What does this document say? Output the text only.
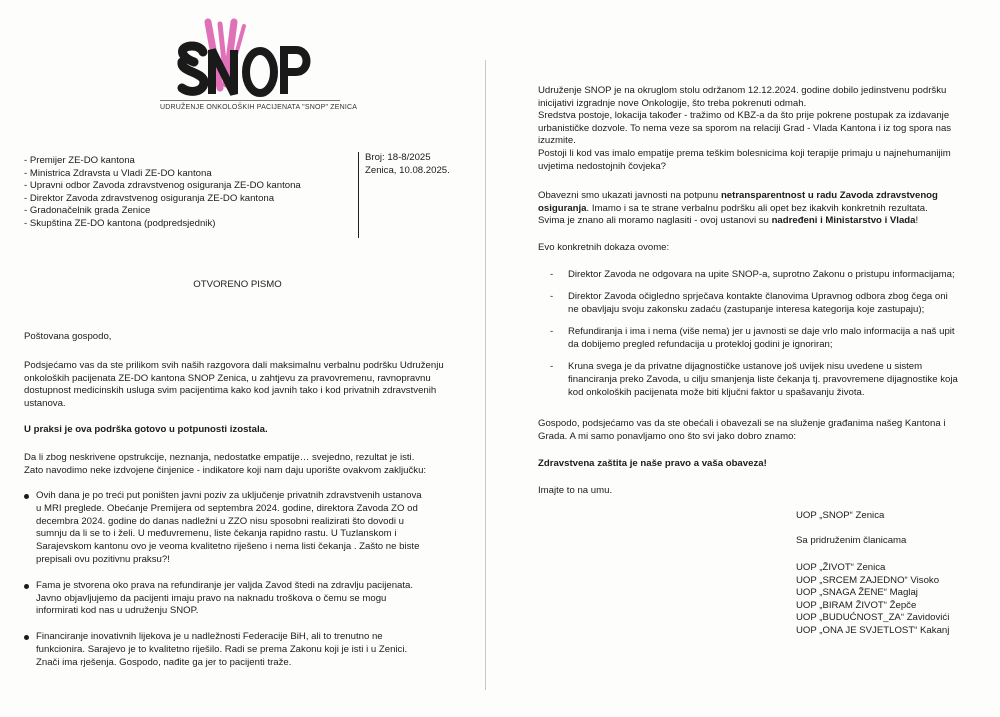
UDRUŽENJE ONKOLOŠKIH PACIJENATA "SNOP" ZENICA
- Premijer ZE-DO kantona
- Ministrica Zdravsta u Vladi ZE-DO kantona
- Upravni odbor Zavoda zdravstvenog osiguranja ZE-DO kantona
- Direktor Zavoda zdravstvenog osiguranja ZE-DO kantona
- Gradonačelnik grada Zenice
- Skupština ZE-DO kantona (podpredsjednik)
Broj: 18-8/2025
Zenica, 10.08.2025.
OTVORENO PISMO
Poštovana gospodo,
Podsjećamo vas da ste prilikom svih naših razgovora dali maksimalnu verbalnu podršku Udruženju
onkoloških pacijenata ZE-DO kantona SNOP Zenica, u zahtjevu za pravovremenu, ravnopravnu
dostupnost medicinskih usluga svim pacijentima kako kod javnih tako i kod privatnih zdravstvenih
ustanova.
U praksi je ova podrška gotovo u potpunosti izostala.
Da li zbog neskrivene opstrukcije, neznanja, nedostatke empatije… svejedno, rezultat je isti.
Zato navodimo neke izdvojene činjenice - indikatore koji nam daju uporište ovakvom zaključku:
Ovih dana je po treći put poništen javni poziv za uključenje privatnih zdravstvenih ustanova
u MRI preglede. Obećanje Premijera od septembra 2024. godine, direktora Zavoda ZO od
decembra 2024. godine do danas nadležni u ZZO nisu sposobni realizirati što dovodi u
sumnju da li se to i želi. U međuvremenu, liste čekanja rapidno rastu. U Tuzlanskom i
Sarajevskom kantonu ovo je veoma kvalitetno riješeno i nema listi čekanja . Zašto ne biste
prepisali ovu pozitivnu praksu?!
Fama je stvorena oko prava na refundiranje jer valjda Zavod štedi na zdravlju pacijenata.
Javno objavljujemo da pacijenti imaju pravo na naknadu troškova o čemu se mogu
informirati kod nas u udruženju SNOP.
Financiranje inovativnih lijekova je u nadležnosti Federacije BiH, ali to trenutno ne
funkcionira. Sarajevo je to kvalitetno riješilo. Radi se prema Zakonu koji je isti i u Zenici.
Znači ima rješenja. Gospodo, nađite ga jer to pacijenti traže.
Udruženje SNOP je na okruglom stolu održanom 12.12.2024. godine dobilo jedinstvenu podršku
inicijativi izgradnje nove Onkologije, što treba pokrenuti odmah.
Sredstva postoje, lokacija također - tražimo od KBZ-a da što prije pokrene postupak za izdavanje
urbanističke dozvole. To nema veze sa sporom na relaciji Grad - Vlada Kantona i iz tog spora nas
izuzmite.
Postoji li kod vas imalo empatije prema teškim bolesnicima koji terapije primaju u najnehumanijim
uvjetima nedostojnih čovjeka?
Obavezni smo ukazati javnosti na potpunu netransparentnost u radu Zavoda zdravstvenog
osiguranja. Imamo i sa te strane verbalnu podršku ali opet bez ikakvih konkretnih rezultata.
Svima je znano ali moramo naglasiti - ovoj ustanovi su nadređeni i Ministarstvo i Vlada!
Evo konkretnih dokaza ovome:
- Direktor Zavoda ne odgovara na upite SNOP-a, suprotno Zakonu o pristupu informacijama;
- Direktor Zavoda očigledno sprječava kontakte članovima Upravnog odbora zbog čega oni
ne obavljaju svoju zakonsku zadaću (zastupanje interesa kategorija koje zastupaju);
- Refundiranja i ima i nema (više nema) jer u javnosti se daje vrlo malo informacija a naš upit
da dobijemo pregled refundacija u proteklој godini je ignoriran;
- Kruna svega je da privatne dijagnostičke ustanove još uvijek nisu uvedene u sistem
financiranja preko Zavoda, u cilju smanjenja liste čekanja tj. pravovremene dijagnostike koja
kod onkoloških pacijenata može biti ključni faktor u spašavanju života.
Gospodo, podsjećamo vas da ste obećali i obavezali se na služenje građanima našeg Kantona i
Grada. A mi samo ponavljamo ono što svi jako dobro znamo:
Zdravstvena zaštita je naše pravo a vaša obaveza!
Imajte to na umu.
UOP „SNOP“ Zenica
Sa pridruženim članicama
UOP „ŽIVOT“ Zenica
UOP „SRCEM ZAJEDNO“ Visoko
UOP „SNAGA ŽENE“ Maglaj
UOP „BIRAM ŽIVOT“ Žepče
UOP „BUDUĆNOST_ZA“ Zavidovići
UOP „ONA JE SVJETLOST“ Kakanj
